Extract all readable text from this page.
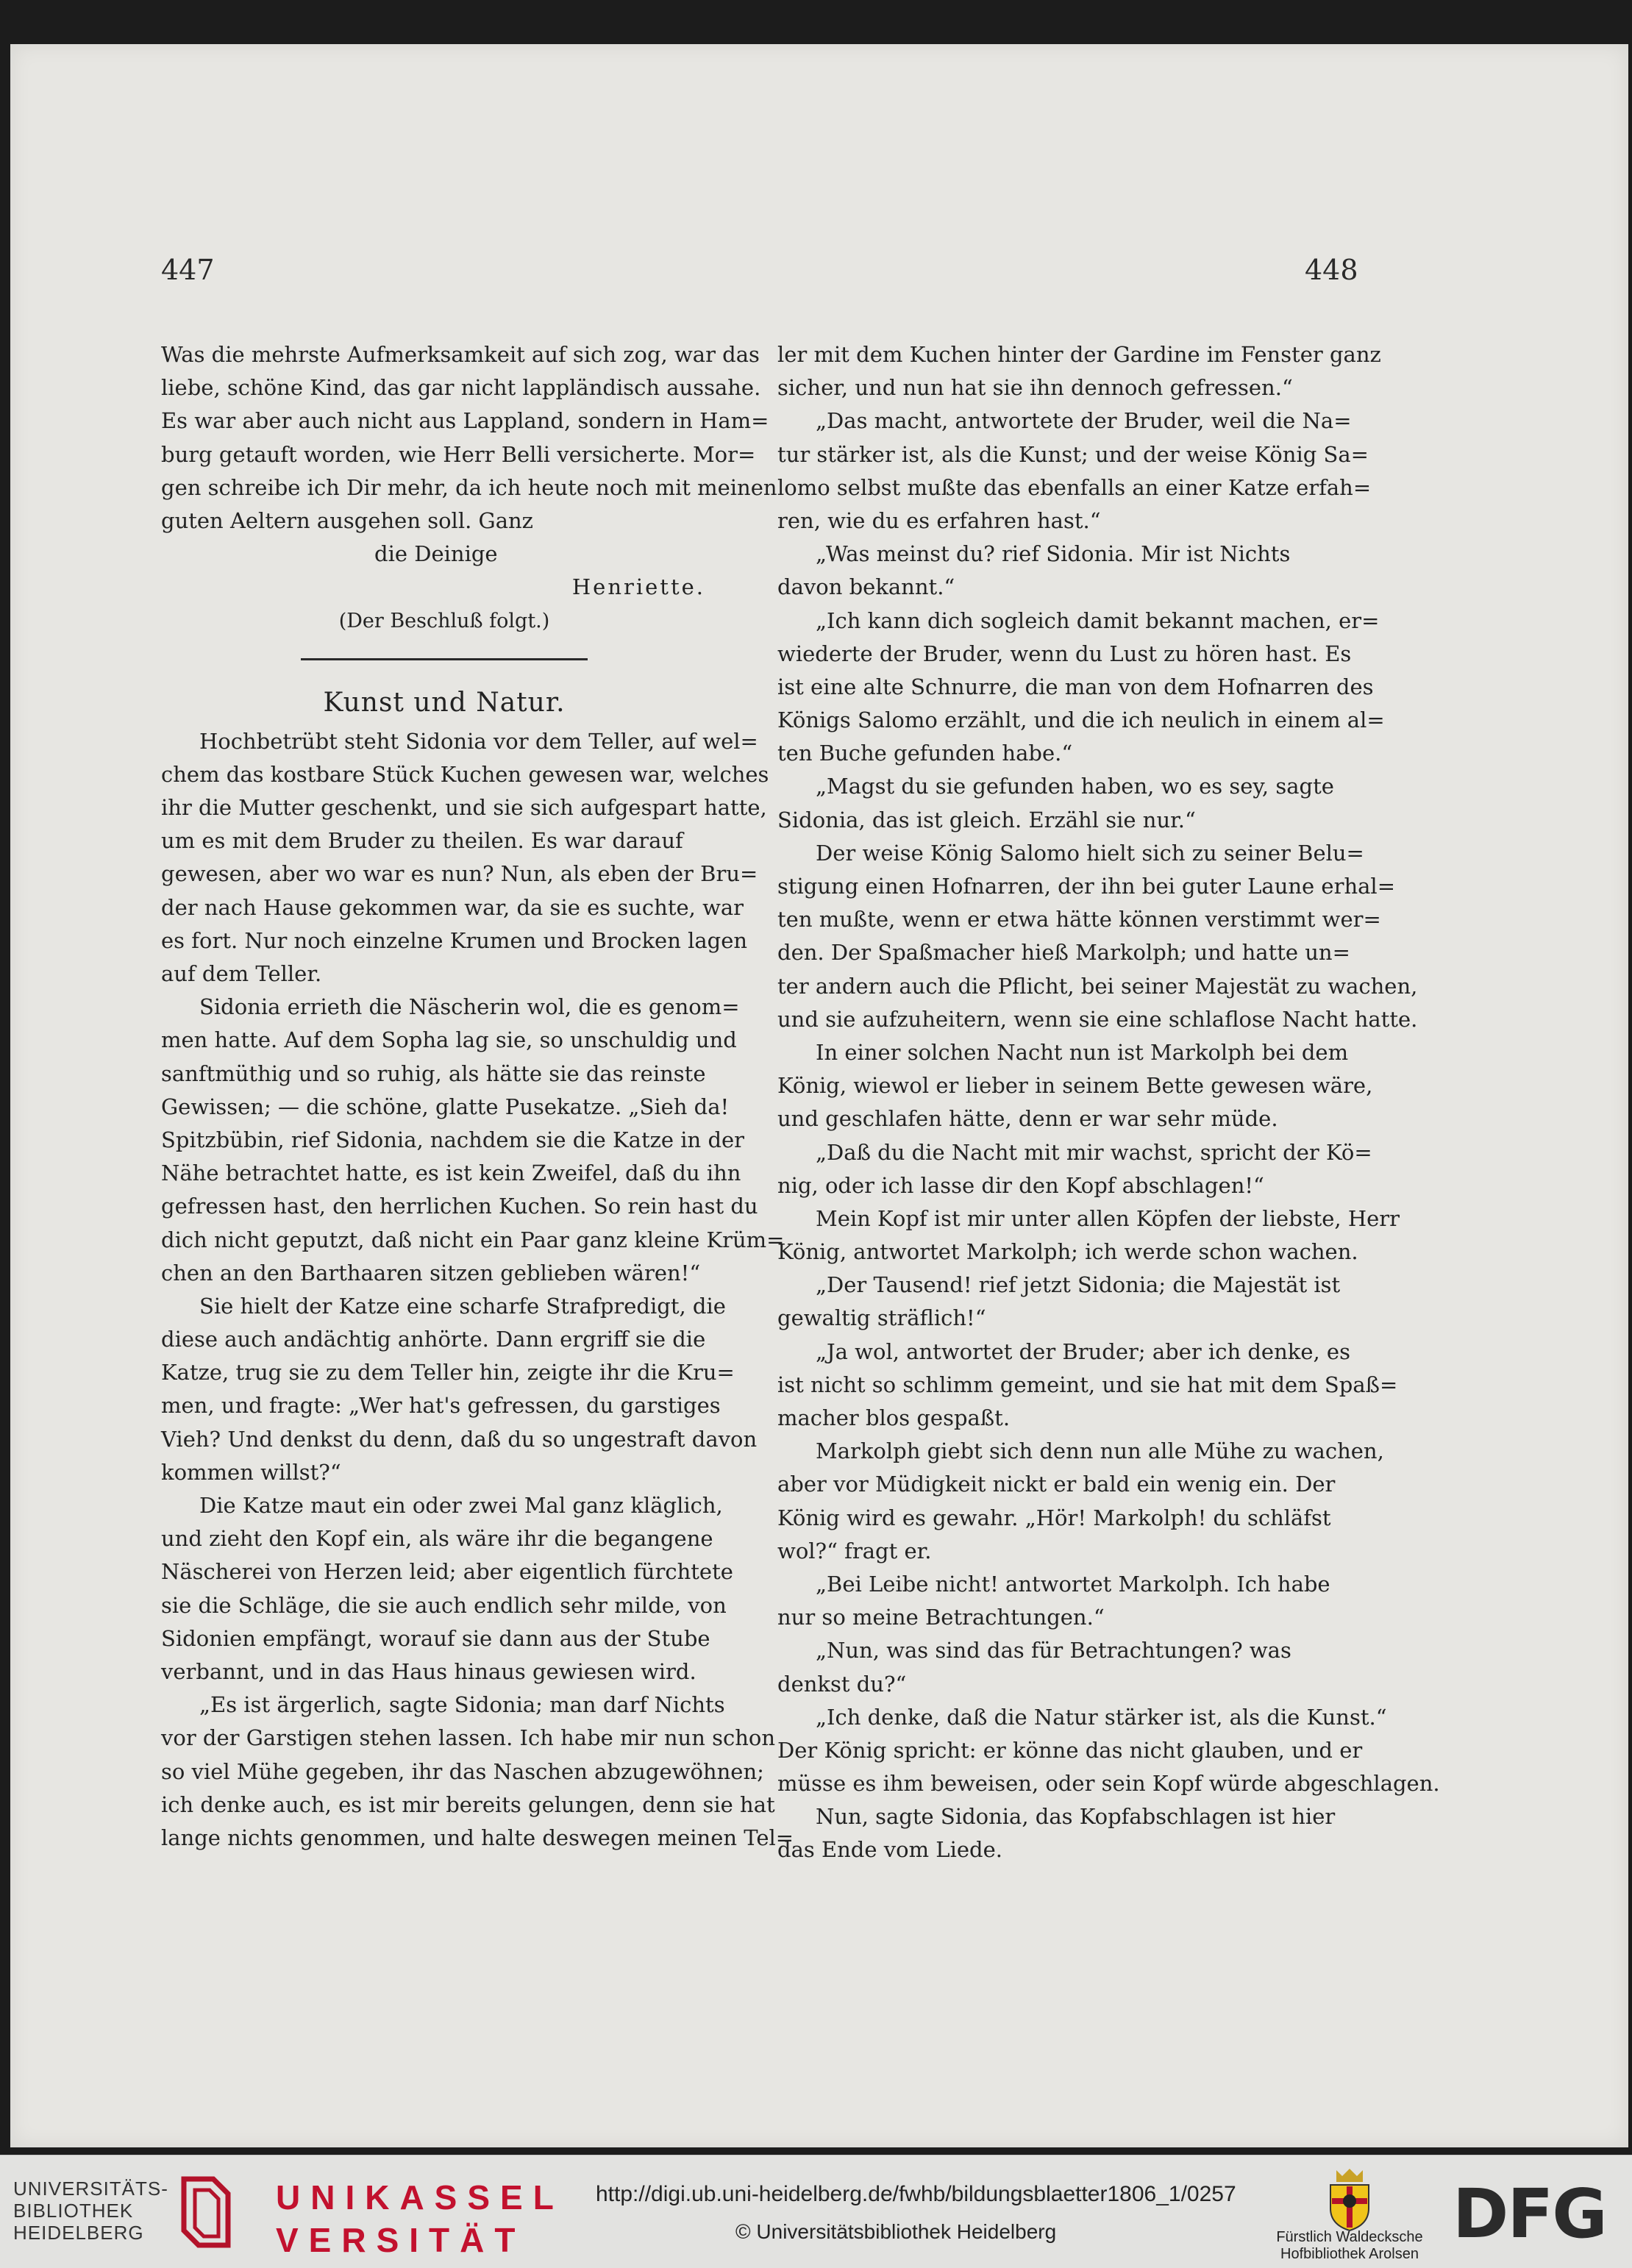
447	448
Was die mehrste Aufmerksamkeit auf sich zog, war das
liebe, schöne Kind, das gar nicht lappländisch aussahe.
Es war aber auch nicht aus Lappland, sondern in Ham=
burg getauft worden, wie Herr Belli versicherte. Mor=
gen schreibe ich Dir mehr, da ich heute noch mit meinen
guten Aeltern ausgehen soll. Ganz
die Deinige
Henriette.
(Der Beschluß folgt.)
Kunst und Natur.
Hochbetrübt steht Sidonia vor dem Teller, auf wel=
chem das kostbare Stück Kuchen gewesen war, welches
ihr die Mutter geschenkt, und sie sich aufgespart hatte,
um es mit dem Bruder zu theilen. Es war darauf
gewesen, aber wo war es nun? Nun, als eben der Bru=
der nach Hause gekommen war, da sie es suchte, war
es fort. Nur noch einzelne Krumen und Brocken lagen
auf dem Teller.
Sidonia errieth die Näscherin wol, die es genom=
men hatte. Auf dem Sopha lag sie, so unschuldig und
sanftmüthig und so ruhig, als hätte sie das reinste
Gewissen; — die schöne, glatte Pusekatze. „Sieh da!
Spitzbübin, rief Sidonia, nachdem sie die Katze in der
Nähe betrachtet hatte, es ist kein Zweifel, daß du ihn
gefressen hast, den herrlichen Kuchen. So rein hast du
dich nicht geputzt, daß nicht ein Paar ganz kleine Krüm=
chen an den Barthaaren sitzen geblieben wären!“
Sie hielt der Katze eine scharfe Strafpredigt, die
diese auch andächtig anhörte. Dann ergriff sie die
Katze, trug sie zu dem Teller hin, zeigte ihr die Kru=
men, und fragte: „Wer hat's gefressen, du garstiges
Vieh? Und denkst du denn, daß du so ungestraft davon
kommen willst?“
Die Katze maut ein oder zwei Mal ganz kläglich,
und zieht den Kopf ein, als wäre ihr die begangene
Näscherei von Herzen leid; aber eigentlich fürchtete
sie die Schläge, die sie auch endlich sehr milde, von
Sidonien empfängt, worauf sie dann aus der Stube
verbannt, und in das Haus hinaus gewiesen wird.
„Es ist ärgerlich, sagte Sidonia; man darf Nichts
vor der Garstigen stehen lassen. Ich habe mir nun schon
so viel Mühe gegeben, ihr das Naschen abzugewöhnen;
ich denke auch, es ist mir bereits gelungen, denn sie hat
lange nichts genommen, und halte deswegen meinen Tel=
ler mit dem Kuchen hinter der Gardine im Fenster ganz
sicher, und nun hat sie ihn dennoch gefressen.“
„Das macht, antwortete der Bruder, weil die Na=
tur stärker ist, als die Kunst; und der weise König Sa=
lomo selbst mußte das ebenfalls an einer Katze erfah=
ren, wie du es erfahren hast.“
„Was meinst du? rief Sidonia. Mir ist Nichts
davon bekannt.“
„Ich kann dich sogleich damit bekannt machen, er=
wiederte der Bruder, wenn du Lust zu hören hast. Es
ist eine alte Schnurre, die man von dem Hofnarren des
Königs Salomo erzählt, und die ich neulich in einem al=
ten Buche gefunden habe.“
„Magst du sie gefunden haben, wo es sey, sagte
Sidonia, das ist gleich. Erzähl sie nur.“
Der weise König Salomo hielt sich zu seiner Belu=
stigung einen Hofnarren, der ihn bei guter Laune erhal=
ten mußte, wenn er etwa hätte können verstimmt wer=
den. Der Spaßmacher hieß Markolph; und hatte un=
ter andern auch die Pflicht, bei seiner Majestät zu wachen,
und sie aufzuheitern, wenn sie eine schlaflose Nacht hatte.
In einer solchen Nacht nun ist Markolph bei dem
König, wiewol er lieber in seinem Bette gewesen wäre,
und geschlafen hätte, denn er war sehr müde.
„Daß du die Nacht mit mir wachst, spricht der Kö=
nig, oder ich lasse dir den Kopf abschlagen!“
Mein Kopf ist mir unter allen Köpfen der liebste, Herr
König, antwortet Markolph; ich werde schon wachen.
„Der Tausend! rief jetzt Sidonia; die Majestät ist
gewaltig sträflich!“
„Ja wol, antwortet der Bruder; aber ich denke, es
ist nicht so schlimm gemeint, und sie hat mit dem Spaß=
macher blos gespaßt.
Markolph giebt sich denn nun alle Mühe zu wachen,
aber vor Müdigkeit nickt er bald ein wenig ein. Der
König wird es gewahr. „Hör! Markolph! du schläfst
wol?“ fragt er.
„Bei Leibe nicht! antwortet Markolph. Ich habe
nur so meine Betrachtungen.“
„Nun, was sind das für Betrachtungen? was
denkst du?“
„Ich denke, daß die Natur stärker ist, als die Kunst.“
Der König spricht: er könne das nicht glauben, und er
müsse es ihm beweisen, oder sein Kopf würde abgeschlagen.
Nun, sagte Sidonia, das Kopfabschlagen ist hier
das Ende vom Liede.
UNIVERSITÄTS-
BIBLIOTHEK
HEIDELBERG
UNIKASSEL
VERSITÄT
http://digi.ub.uni-heidelberg.de/fwhb/bildungsblaetter1806_1/0257
© Universitätsbibliothek Heidelberg	Fürstlich Waldecksche
Hofbibliothek Arolsen
DFG
